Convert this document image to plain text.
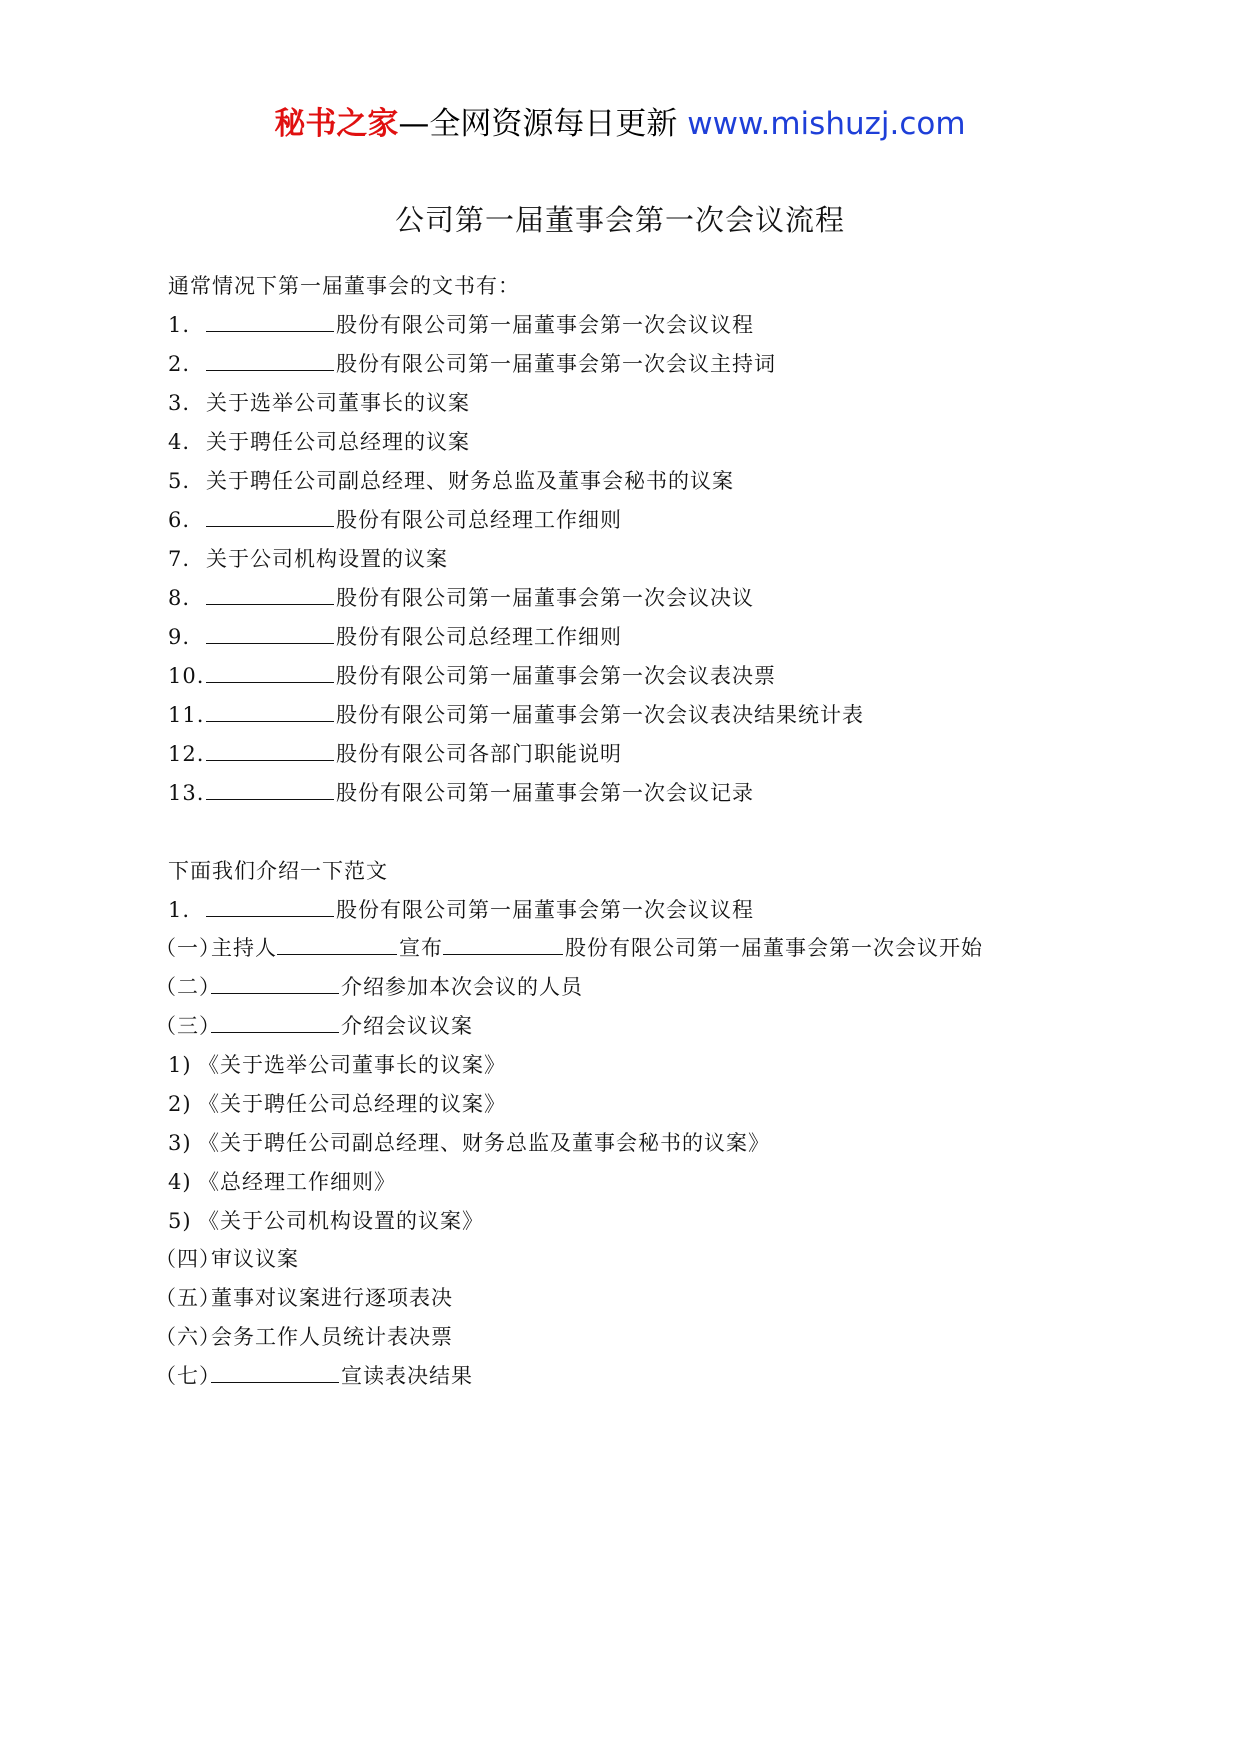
秘书之家—全网资源每日更新 www.mishuzj.com
公司第一届董事会第一次会议流程
通常情况下第一届董事会的文书有：
1.	股份有限公司第一届董事会第一次会议议程
2.	股份有限公司第一届董事会第一次会议主持词
3. 关于选举公司董事长的议案
4. 关于聘任公司总经理的议案
5. 关于聘任公司副总经理、财务总监及董事会秘书的议案
6.	股份有限公司总经理工作细则
7. 关于公司机构设置的议案
8.	股份有限公司第一届董事会第一次会议决议
9.	股份有限公司总经理工作细则
10.	股份有限公司第一届董事会第一次会议表决票
11.	股份有限公司第一届董事会第一次会议表决结果统计表
12.	股份有限公司各部门职能说明
13.	股份有限公司第一届董事会第一次会议记录
下面我们介绍一下范文
1.	股份有限公司第一届董事会第一次会议议程
（一）主持人	宣布	股份有限公司第一届董事会第一次会议开始
（二）	介绍参加本次会议的人员
（三）	介绍会议议案
1) 《关于选举公司董事长的议案》
2) 《关于聘任公司总经理的议案》
3) 《关于聘任公司副总经理、财务总监及董事会秘书的议案》
4) 《总经理工作细则》
5) 《关于公司机构设置的议案》
（四）审议议案
（五）董事对议案进行逐项表决
（六）会务工作人员统计表决票
（七）	宣读表决结果
